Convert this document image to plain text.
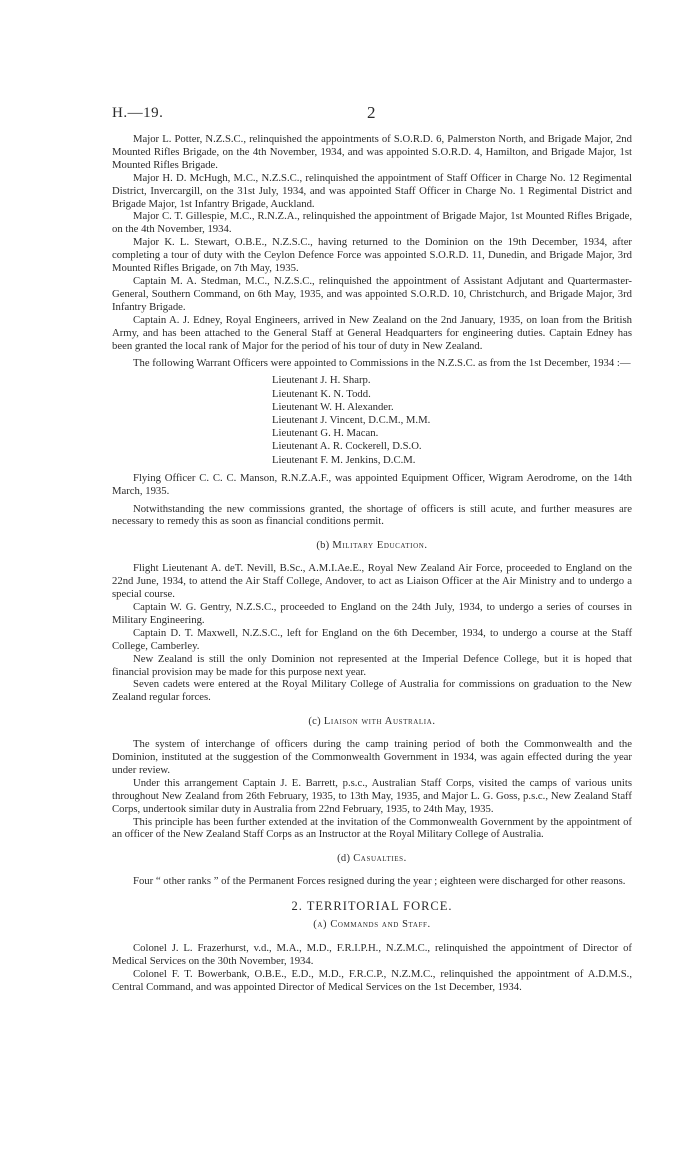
H.—19.	2

Major L. Potter, N.Z.S.C., relinquished the appointments of S.O.R.D. 6, Palmerston North, and Brigade Major, 2nd Mounted Rifles Brigade, on the 4th November, 1934, and was appointed S.O.R.D. 4, Hamilton, and Brigade Major, 1st Mounted Rifles Brigade.

Major H. D. McHugh, M.C., N.Z.S.C., relinquished the appointment of Staff Officer in Charge No. 12 Regimental District, Invercargill, on the 31st July, 1934, and was appointed Staff Officer in Charge No. 1 Regimental District and Brigade Major, 1st Infantry Brigade, Auckland.

Major C. T. Gillespie, M.C., R.N.Z.A., relinquished the appointment of Brigade Major, 1st Mounted Rifles Brigade, on the 4th November, 1934.

Major K. L. Stewart, O.B.E., N.Z.S.C., having returned to the Dominion on the 19th December, 1934, after completing a tour of duty with the Ceylon Defence Force was appointed S.O.R.D. 11, Dunedin, and Brigade Major, 3rd Mounted Rifles Brigade, on 7th May, 1935.

Captain M. A. Stedman, M.C., N.Z.S.C., relinquished the appointment of Assistant Adjutant and Quartermaster-General, Southern Command, on 6th May, 1935, and was appointed S.O.R.D. 10, Christchurch, and Brigade Major, 3rd Infantry Brigade.

Captain A. J. Edney, Royal Engineers, arrived in New Zealand on the 2nd January, 1935, on loan from the British Army, and has been attached to the General Staff at General Headquarters for engineering duties. Captain Edney has been granted the local rank of Major for the period of his tour of duty in New Zealand.

The following Warrant Officers were appointed to Commissions in the N.Z.S.C. as from the 1st December, 1934 :—

Lieutenant J. H. Sharp.
Lieutenant K. N. Todd.
Lieutenant W. H. Alexander.
Lieutenant J. Vincent, D.C.M., M.M.
Lieutenant G. H. Macan.
Lieutenant A. R. Cockerell, D.S.O.
Lieutenant F. M. Jenkins, D.C.M.

Flying Officer C. C. C. Manson, R.N.Z.A.F., was appointed Equipment Officer, Wigram Aerodrome, on the 14th March, 1935.

Notwithstanding the new commissions granted, the shortage of officers is still acute, and further measures are necessary to remedy this as soon as financial conditions permit.

(b) Military Education.

Flight Lieutenant A. deT. Nevill, B.Sc., A.M.I.Ae.E., Royal New Zealand Air Force, proceeded to England on the 22nd June, 1934, to attend the Air Staff College, Andover, to act as Liaison Officer at the Air Ministry and to undergo a special course.

Captain W. G. Gentry, N.Z.S.C., proceeded to England on the 24th July, 1934, to undergo a series of courses in Military Engineering.

Captain D. T. Maxwell, N.Z.S.C., left for England on the 6th December, 1934, to undergo a course at the Staff College, Camberley.

New Zealand is still the only Dominion not represented at the Imperial Defence College, but it is hoped that financial provision may be made for this purpose next year.

Seven cadets were entered at the Royal Military College of Australia for commissions on graduation to the New Zealand regular forces.

(c) Liaison with Australia.

The system of interchange of officers during the camp training period of both the Commonwealth and the Dominion, instituted at the suggestion of the Commonwealth Government in 1934, was again effected during the year under review.

Under this arrangement Captain J. E. Barrett, p.s.c., Australian Staff Corps, visited the camps of various units throughout New Zealand from 26th February, 1935, to 13th May, 1935, and Major L. G. Goss, p.s.c., New Zealand Staff Corps, undertook similar duty in Australia from 22nd February, 1935, to 24th May, 1935.

This principle has been further extended at the invitation of the Commonwealth Government by the appointment of an officer of the New Zealand Staff Corps as an Instructor at the Royal Military College of Australia.

(d) Casualties.

Four “ other ranks ” of the Permanent Forces resigned during the year ; eighteen were discharged for other reasons.

2. TERRITORIAL FORCE.
(a) Commands and Staff.

Colonel J. L. Frazerhurst, v.d., M.A., M.D., F.R.I.P.H., N.Z.M.C., relinquished the appointment of Director of Medical Services on the 30th November, 1934.

Colonel F. T. Bowerbank, O.B.E., E.D., M.D., F.R.C.P., N.Z.M.C., relinquished the appointment of A.D.M.S., Central Command, and was appointed Director of Medical Services on the 1st December, 1934.
